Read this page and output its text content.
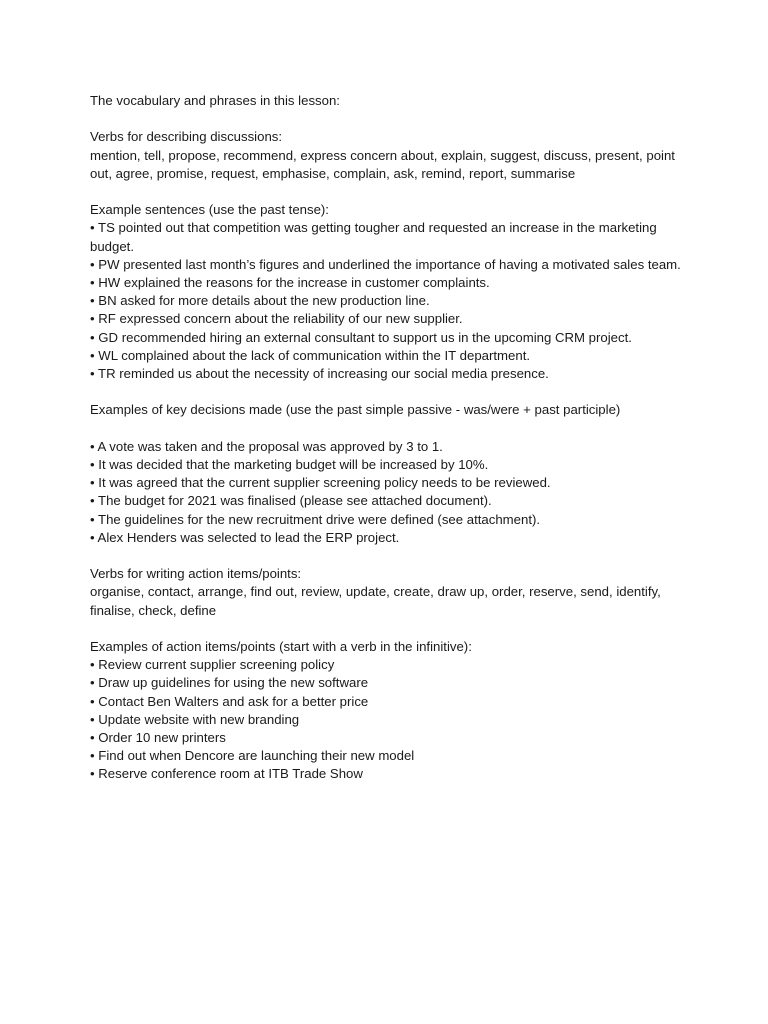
The vocabulary and phrases in this lesson:

Verbs for describing discussions:

mention, tell, propose, recommend, express concern about, explain, suggest, discuss, present, point out, agree, promise, request, emphasise, complain, ask, remind, report, summarise

Example sentences (use the past tense):

• TS pointed out that competition was getting tougher and requested an increase in the marketing budget.

• PW presented last month’s figures and underlined the importance of having a motivated sales team.

• HW explained the reasons for the increase in customer complaints.

• BN asked for more details about the new production line.

• RF expressed concern about the reliability of our new supplier.

• GD recommended hiring an external consultant to support us in the upcoming CRM project.

• WL complained about the lack of communication within the IT department.

• TR reminded us about the necessity of increasing our social media presence.

Examples of key decisions made (use the past simple passive - was/were + past participle)

• A vote was taken and the proposal was approved by 3 to 1.

• It was decided that the marketing budget will be increased by 10%.

• It was agreed that the current supplier screening policy needs to be reviewed.

• The budget for 2021 was finalised (please see attached document).

• The guidelines for the new recruitment drive were defined (see attachment).

• Alex Henders was selected to lead the ERP project.

Verbs for writing action items/points:

organise, contact, arrange, find out, review, update, create, draw up, order, reserve, send, identify, finalise, check, define

Examples of action items/points (start with a verb in the infinitive):

• Review current supplier screening policy

• Draw up guidelines for using the new software

• Contact Ben Walters and ask for a better price

• Update website with new branding

• Order 10 new printers

• Find out when Dencore are launching their new model

• Reserve conference room at ITB Trade Show
